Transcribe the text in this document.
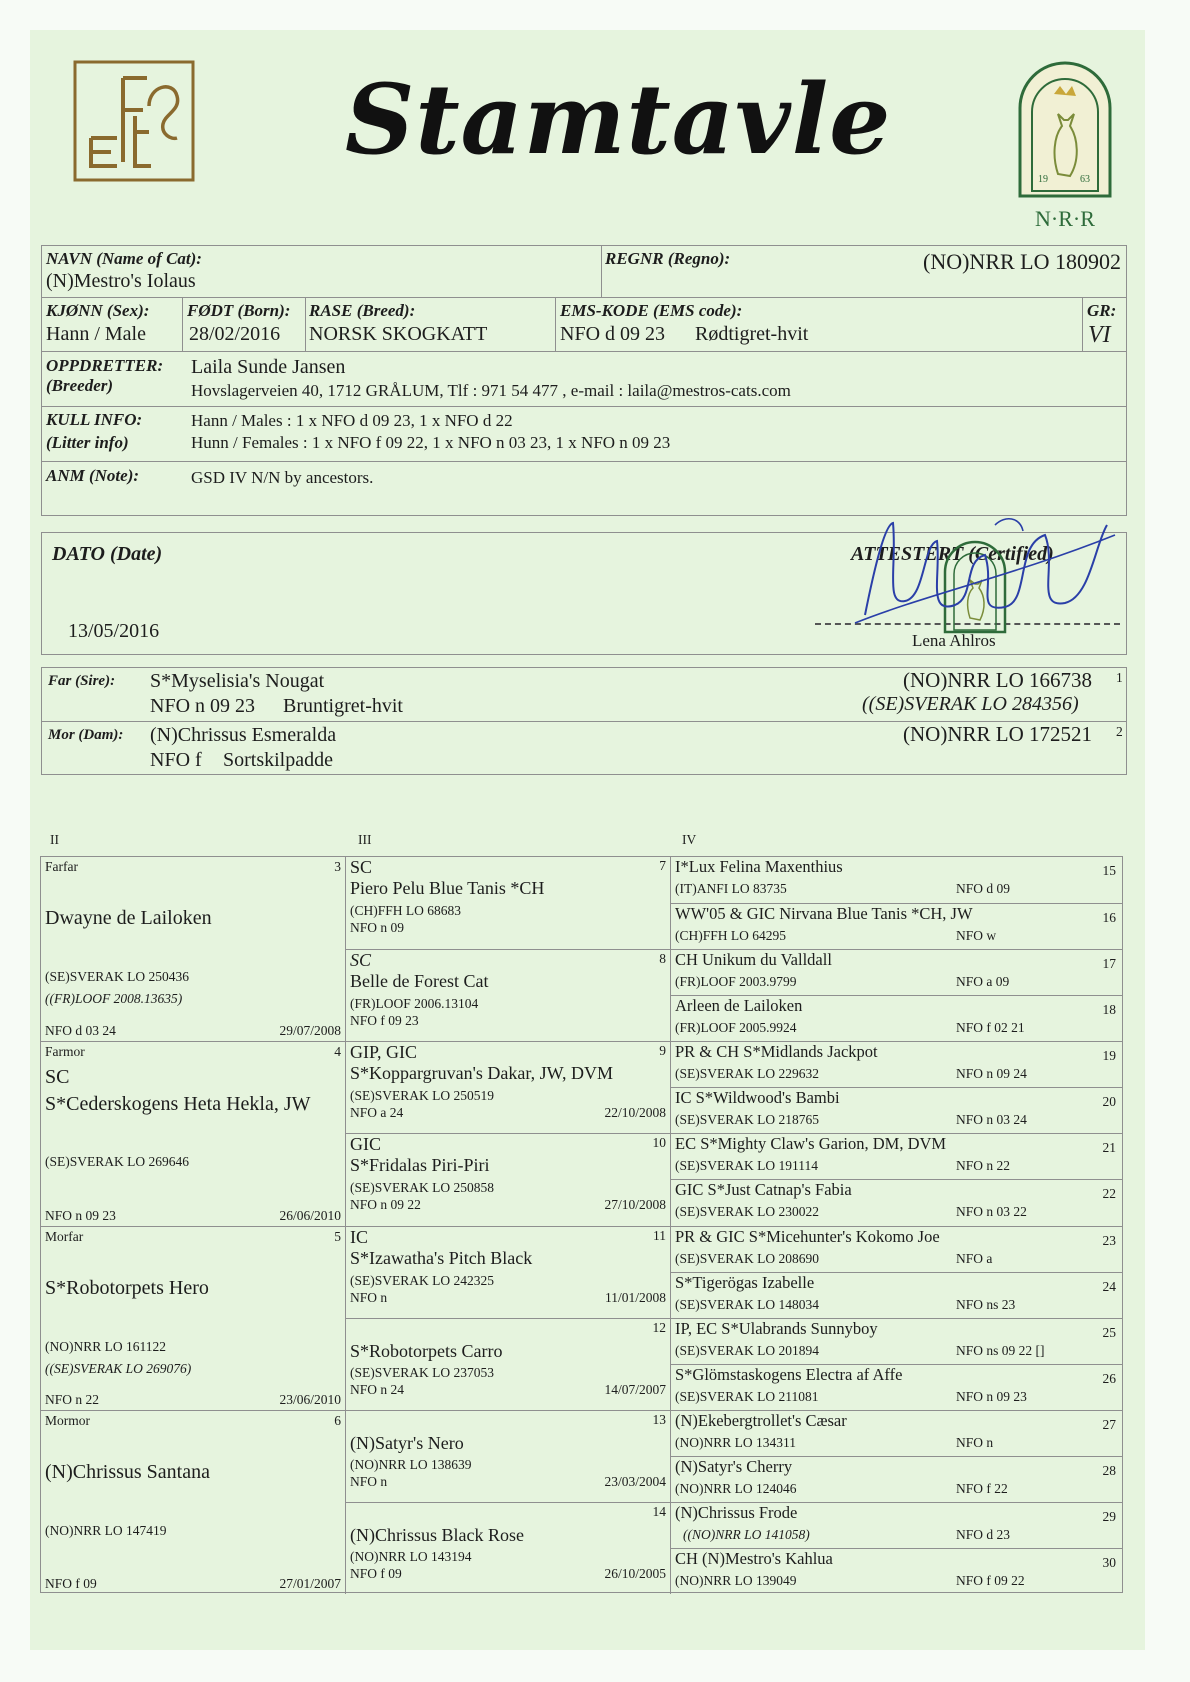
Stamtavle
19	63
N·R·R
NAVN (Name of Cat):
(N)Mestro's Iolaus
REGNR (Regno):	(NO)NRR LO 180902
KJØNN (Sex):
Hann / Male
FØDT (Born):
28/02/2016
RASE (Breed):
NORSK SKOGKATT
EMS-KODE (EMS code):
NFO d 09 23 Rødtigret-hvit
GR:
VI
OPPDRETTER:
(Breeder)
Laila Sunde Jansen
Hovslagerveien 40, 1712 GRÅLUM, Tlf : 971 54 477 , e-mail : laila@mestros-cats.com
KULL INFO:
(Litter info)
Hann / Males : 1 x NFO d 09 23, 1 x NFO d 22
Hunn / Females : 1 x NFO f 09 22, 1 x NFO n 03 23, 1 x NFO n 09 23
ANM (Note):	GSD IV N/N by ancestors.
DATO (Date)
13/05/2016
ATTESTERT (Certified)
Lena Ahlros
Far (Sire): S*Myselisia's Nougat
NFO n 09 23 Bruntigret-hvit
(NO)NRR LO 166738
((SE)SVERAK LO 284356)
1
Mor (Dam): (N)Chrissus Esmeralda
NFO f Sortskilpadde
(NO)NRR LO 172521 2
II	III	IV
Farfar	3
Dwayne de Lailoken
(SE)SVERAK LO 250436
((FR)LOOF 2008.13635)
NFO d 03 24	29/07/2008
Farmor	4
SC
S*Cederskogens Heta Hekla, JW
(SE)SVERAK LO 269646
NFO n 09 23	26/06/2010
Morfar	5
S*Robotorpets Hero
(NO)NRR LO 161122
((SE)SVERAK LO 269076)
NFO n 22	23/06/2010
Mormor	6
(N)Chrissus Santana
(NO)NRR LO 147419
NFO f 09	27/01/2007
7
SC
Piero Pelu Blue Tanis *CH
(CH)FFH LO 68683
NFO n 09
8
SC
Belle de Forest Cat
(FR)LOOF 2006.13104
NFO f 09 23
9
GIP, GIC
S*Koppargruvan's Dakar, JW, DVM
(SE)SVERAK LO 250519
NFO a 24	22/10/2008
10
GIC
S*Fridalas Piri-Piri
(SE)SVERAK LO 250858
NFO n 09 22	27/10/2008
11
IC
S*Izawatha's Pitch Black
(SE)SVERAK LO 242325
NFO n	11/01/2008
12
S*Robotorpets Carro
(SE)SVERAK LO 237053
NFO n 24	14/07/2007
13
(N)Satyr's Nero
(NO)NRR LO 138639
NFO n	23/03/2004
14
(N)Chrissus Black Rose
(NO)NRR LO 143194
NFO f 09	26/10/2005
I*Lux Felina Maxenthius	15
(IT)ANFI LO 83735	NFO d 09
WW'05 & GIC Nirvana Blue Tanis *CH, JW	16
(CH)FFH LO 64295	NFO w
CH Unikum du Valldall	17
(FR)LOOF 2003.9799	NFO a 09
Arleen de Lailoken	18
(FR)LOOF 2005.9924	NFO f 02 21
PR & CH S*Midlands Jackpot	19
(SE)SVERAK LO 229632	NFO n 09 24
IC S*Wildwood's Bambi	20
(SE)SVERAK LO 218765	NFO n 03 24
EC S*Mighty Claw's Garion, DM, DVM	21
(SE)SVERAK LO 191114	NFO n 22
GIC S*Just Catnap's Fabia	22
(SE)SVERAK LO 230022	NFO n 03 22
PR & GIC S*Micehunter's Kokomo Joe	23
(SE)SVERAK LO 208690	NFO a
S*Tigerögas Izabelle	24
(SE)SVERAK LO 148034	NFO ns 23
IP, EC S*Ulabrands Sunnyboy	25
(SE)SVERAK LO 201894	NFO ns 09 22 []
S*Glömstaskogens Electra af Affe	26
(SE)SVERAK LO 211081	NFO n 09 23
(N)Ekebergtrollet's Cæsar	27
(NO)NRR LO 134311	NFO n
(N)Satyr's Cherry	28
(NO)NRR LO 124046	NFO f 22
(N)Chrissus Frode	29
((NO)NRR LO 141058)	NFO d 23
CH (N)Mestro's Kahlua	30
(NO)NRR LO 139049	NFO f 09 22
